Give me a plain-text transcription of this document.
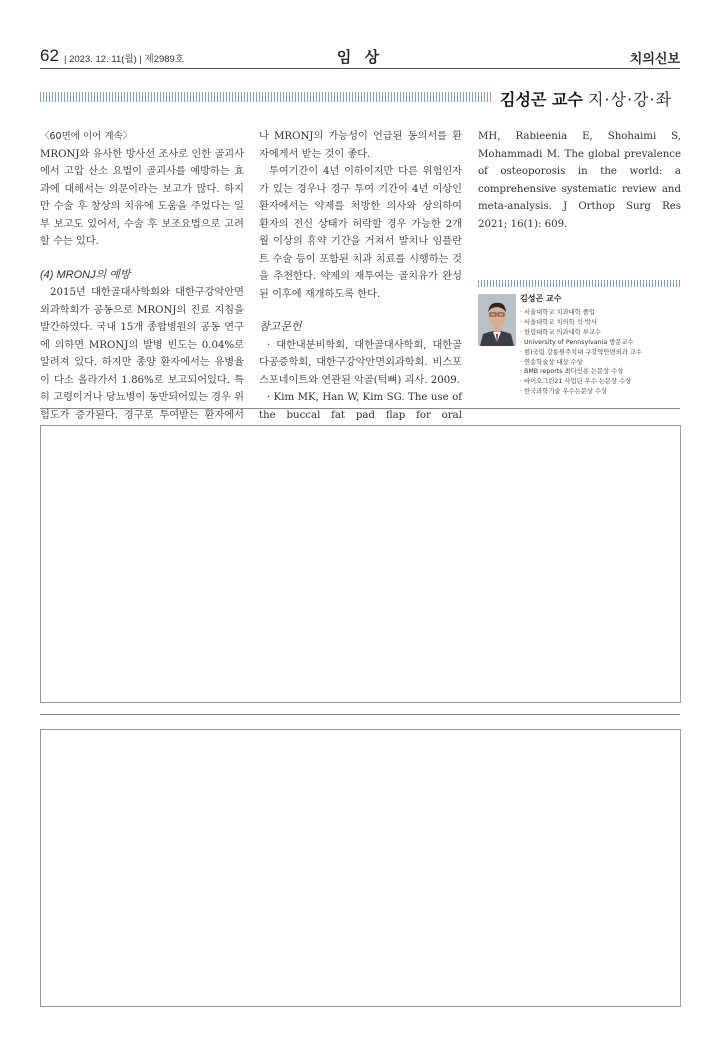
62 | 2023. 12. 11(월) | 제2989호	임 상	치의신보
김성곤 교수 지·상·강·좌

〈60면에 이어 계속〉

MRONJ와 유사한 방사선 조사로 인한 골괴사에서 고압 산소 요법이 골괴사를 예방하는 효과에 대해서는 의문이라는 보고가 많다. 하지만 수술 후 창상의 치유에 도움을 주었다는 일부 보고도 있어서, 수술 후 보조요법으로 고려할 수는 있다.

(4) MRONJ의 예방

2015년 대한골대사학회와 대한구강악안면외과학회가 공동으로 MRONJ의 진료 지침을 발간하였다. 국내 15개 종합병원의 공동 연구에 의하면 MRONJ의 발병 빈도는 0.04%로 알려져 있다. 하지만 종양 환자에서는 유병율이 다소 올라가서 1.86%로 보고되어있다. 특히 고령이거나 당뇨병이 동반되어있는 경우 위험도가 증가된다. 경구로 투여받는 환자에서

나 MRONJ의 가능성이 언급된 동의서를 환자에게서 받는 것이 좋다.

투여기간이 4년 이하이지만 다른 위험인자가 있는 경우나 경구 투여 기간이 4년 이상인 환자에서는 약제를 처방한 의사와 상의하여 환자의 전신 상태가 허락할 경우 가능한 2개월 이상의 휴약 기간을 거쳐서 발치나 임플란트 수술 등이 포함된 치과 치료를 시행하는 것을 추천한다. 약제의 재투여는 골치유가 완성된 이후에 재개하도록 한다.

참고문헌

· 대한내분비학회, 대한골대사학회, 대한골다공증학회, 대한구강악안면외과학회. 비스포스포네이트와 연관된 악골(턱뼈) 괴사. 2009.

· Kim MK, Han W, Kim SG. The use of the buccal fat pad flap for oral

MH, Rabieenia E, Shohaimi S, Mohammadi M. The global prevalence of osteoporosis in the world: a comprehensive systematic review and meta-analysis. J Orthop Surg Res 2021; 16(1): 609.

김성곤 교수
· 서울대학교 치과대학 졸업
· 서울대학교 치의학 석·박사
· 한림대학교 의과대학 부교수
· University of Pennsylvania 방문교수
· 현)국립 강릉원주치대 구강악안면외과 교수
· 연송학술상 대상 수상
· BMB reports 최다인용 논문상 수상
· 바이오그린21 사업단 우수 논문상 수상
· 한국과학기술 우수논문상 수상
